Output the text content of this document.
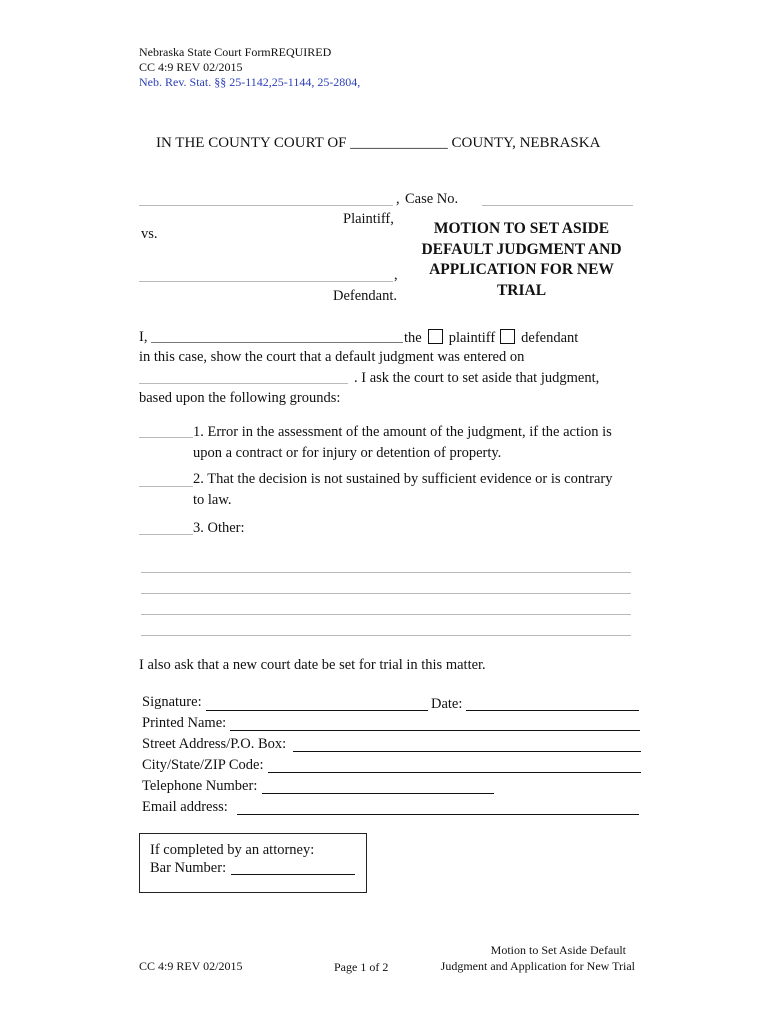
Nebraska State Court FormREQUIRED
CC 4:9 REV 02/2015
Neb. Rev. Stat. §§ 25-1142,25-1144, 25-2804,
IN THE COUNTY COURT OF _____________ COUNTY, NEBRASKA
, Case No.
Plaintiff,
vs.
,
Defendant.
MOTION TO SET ASIDE
DEFAULT JUDGMENT AND
APPLICATION FOR NEW
TRIAL
I,	the plaintiff defendant
in this case, show the court that a default judgment was entered on
. I ask the court to set aside that judgment,
based upon the following grounds:
1. Error in the assessment of the amount of the judgment, if the action is
upon a contract or for injury or detention of property.
2. That the decision is not sustained by sufficient evidence or is contrary
to law.
3. Other:
I also ask that a new court date be set for trial in this matter.
Signature:	Date:
Printed Name:
Street Address/P.O. Box:
City/State/ZIP Code:
Telephone Number:
Email address:
If completed by an attorney:
Bar Number:
CC 4:9 REV 02/2015	Page 1 of 2
Motion to Set Aside Default
Judgment and Application for New Trial
